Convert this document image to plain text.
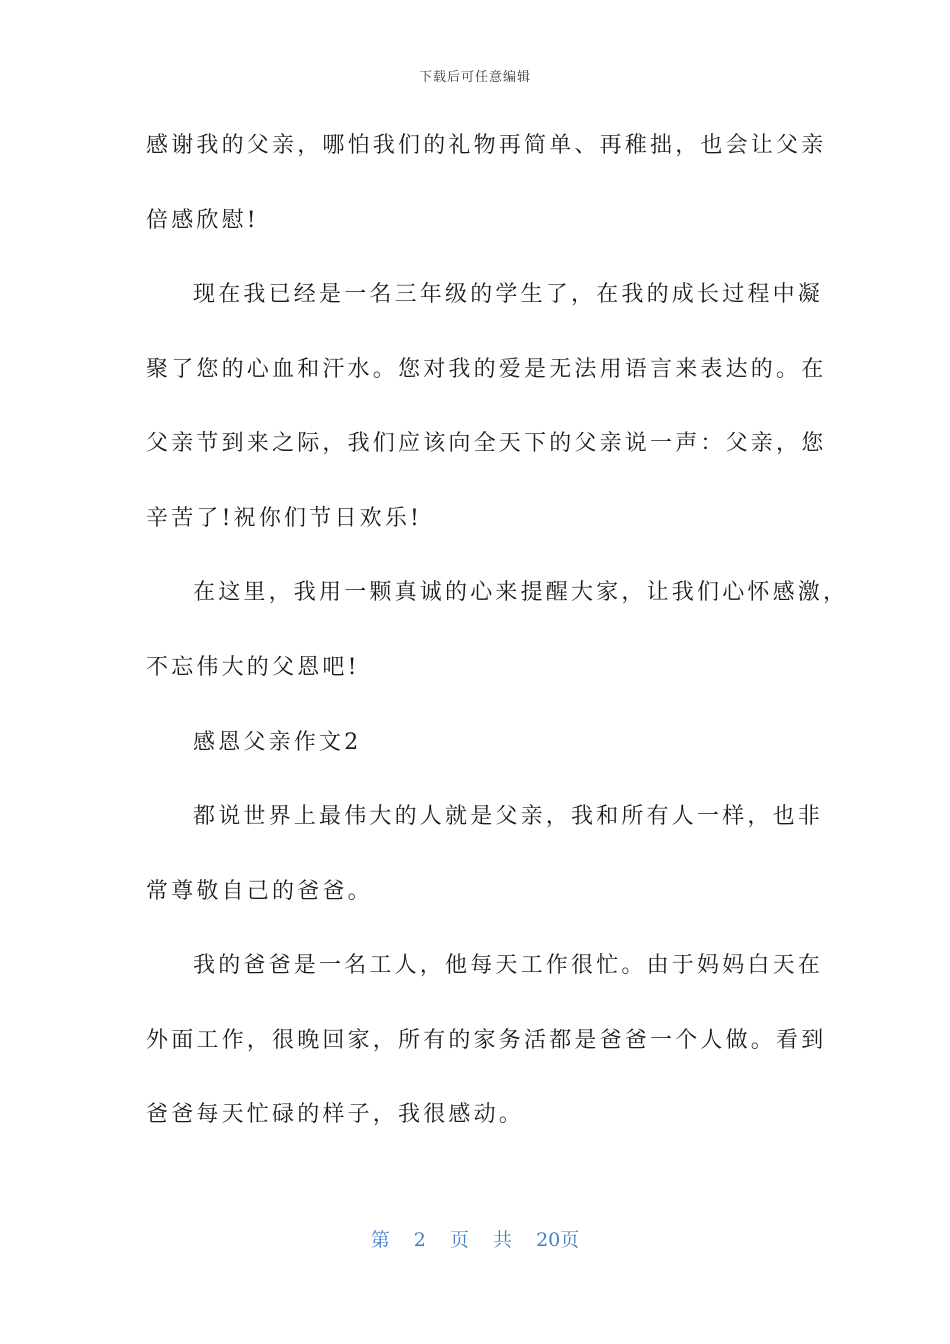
下载后可任意编辑
感谢我的父亲，哪怕我们的礼物再简单、再稚拙，也会让父亲
倍感欣慰!
现在我已经是一名三年级的学生了，在我的成长过程中凝
聚了您的心血和汗水。您对我的爱是无法用语言来表达的。在
父亲节到来之际，我们应该向全天下的父亲说一声：父亲，您
辛苦了!祝你们节日欢乐!
在这里，我用一颗真诚的心来提醒大家，让我们心怀感激，
不忘伟大的父恩吧!
感恩父亲作文2
都说世界上最伟大的人就是父亲，我和所有人一样，也非
常尊敬自己的爸爸。
我的爸爸是一名工人，他每天工作很忙。由于妈妈白天在
外面工作，很晚回家，所有的家务活都是爸爸一个人做。看到
爸爸每天忙碌的样子，我很感动。
第 2 页 共 20页
